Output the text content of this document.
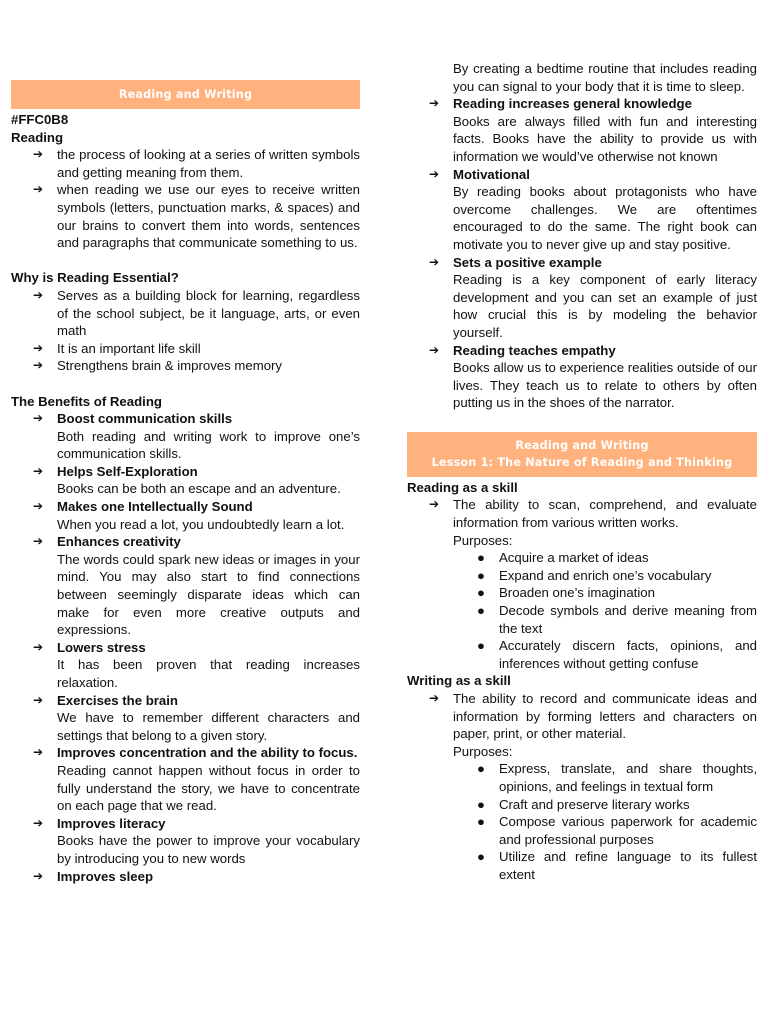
Reading and Writing

#FFC0B8

Reading

➔ the process of looking at a series of written symbols and getting meaning from them.
➔ when reading we use our eyes to receive written symbols (letters, punctuation marks, & spaces) and our brains to convert them into words, sentences and paragraphs that communicate something to us.

Why is Reading Essential?

➔ Serves as a building block for learning, regardless of the school subject, be it language, arts, or even math
➔ It is an important life skill
➔ Strengthens brain & improves memory

The Benefits of Reading

➔ Boost communication skills
Both reading and writing work to improve one’s communication skills.
➔ Helps Self-Exploration
Books can be both an escape and an adventure.
➔ Makes one Intellectually Sound
When you read a lot, you undoubtedly learn a lot.
➔ Enhances creativity
The words could spark new ideas or images in your mind. You may also start to find connections between seemingly disparate ideas which can make for even more creative outputs and expressions.
➔ Lowers stress
It has been proven that reading increases relaxation.
➔ Exercises the brain
We have to remember different characters and settings that belong to a given story.
➔ Improves concentration and the ability to focus.
Reading cannot happen without focus in order to fully understand the story, we have to concentrate on each page that we read.
➔ Improves literacy
Books have the power to improve your vocabulary by introducing you to new words
➔ Improves sleep
By creating a bedtime routine that includes reading you can signal to your body that it is time to sleep.
➔ Reading increases general knowledge
Books are always filled with fun and interesting facts. Books have the ability to provide us with information we would’ve otherwise not known
➔ Motivational
By reading books about protagonists who have overcome challenges. We are oftentimes encouraged to do the same. The right book can motivate you to never give up and stay positive.
➔ Sets a positive example
Reading is a key component of early literacy development and you can set an example of just how crucial this is by modeling the behavior yourself.
➔ Reading teaches empathy
Books allow us to experience realities outside of our lives. They teach us to relate to others by often putting us in the shoes of the narrator.
Reading and Writing
Lesson 1: The Nature of Reading and Thinking

Reading as a skill

➔ The ability to scan, comprehend, and evaluate information from various written works.
Purposes:
● Acquire a market of ideas
● Expand and enrich one’s vocabulary
● Broaden one’s imagination
● Decode symbols and derive meaning from the text
● Accurately discern facts, opinions, and inferences without getting confuse

Writing as a skill

➔ The ability to record and communicate ideas and information by forming letters and characters on paper, print, or other material.
Purposes:
● Express, translate, and share thoughts, opinions, and feelings in textual form
● Craft and preserve literary works
● Compose various paperwork for academic and professional purposes
● Utilize and refine language to its fullest extent
